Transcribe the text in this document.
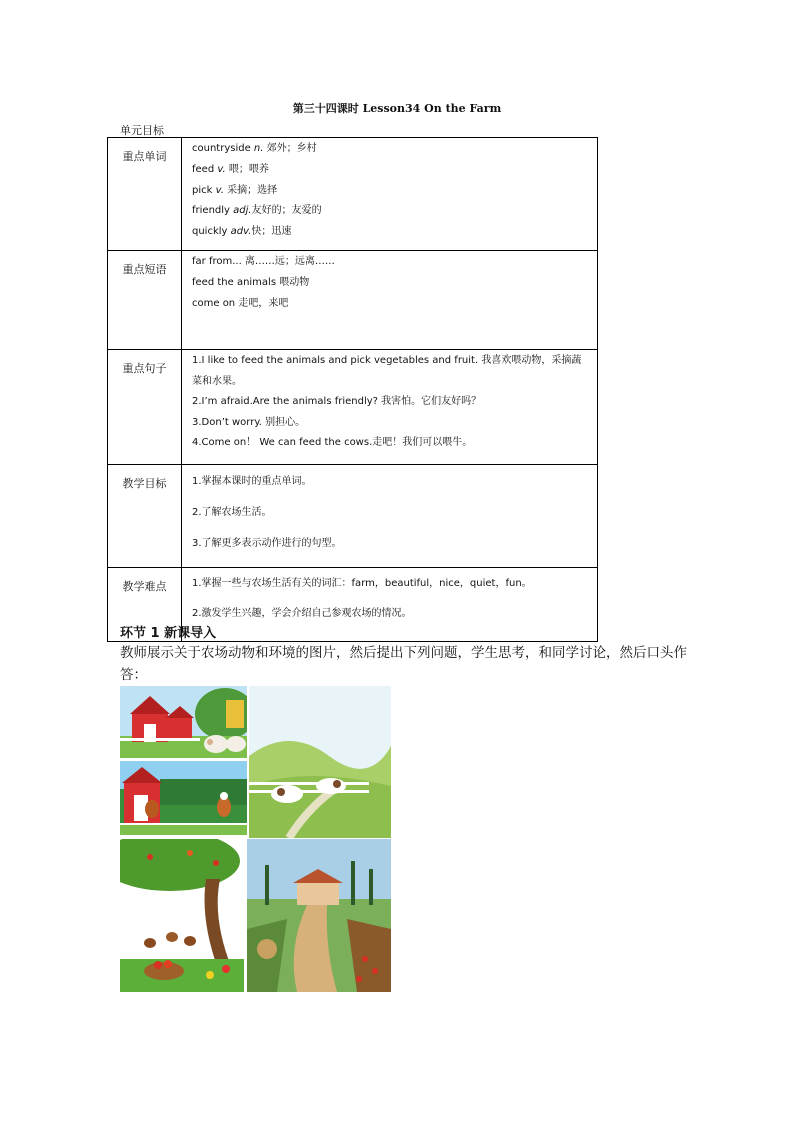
第三十四课时 Lesson34 On the Farm
单元目标
重点单词	countryside n. 郊外；乡村
feed v. 喂；喂养
pick v. 采摘；选择
friendly adj.友好的；友爱的
quickly adv.快；迅速

重点短语	far from... 离……远；远离……
feed the animals 喂动物
come on 走吧，来吧

重点句子	1.I like to feed the animals and pick vegetables and fruit. 我喜欢喂动物，采摘蔬菜和水果。
2.I’m afraid.Are the animals friendly? 我害怕。它们友好吗？
3.Don’t worry. 别担心。
4.Come on！ We can feed the cows.走吧！我们可以喂牛。

教学目标	1.掌握本课时的重点单词。
2.了解农场生活。
3.了解更多表示动作进行的句型。

教学难点	1.掌握一些与农场生活有关的词汇：farm，beautiful，nice，quiet，fun。
2.激发学生兴趣，学会介绍自己参观农场的情况。
环节 1 新课导入
教师展示关于农场动物和环境的图片，然后提出下列问题，学生思考，和同学讨论，然后口头作答：
